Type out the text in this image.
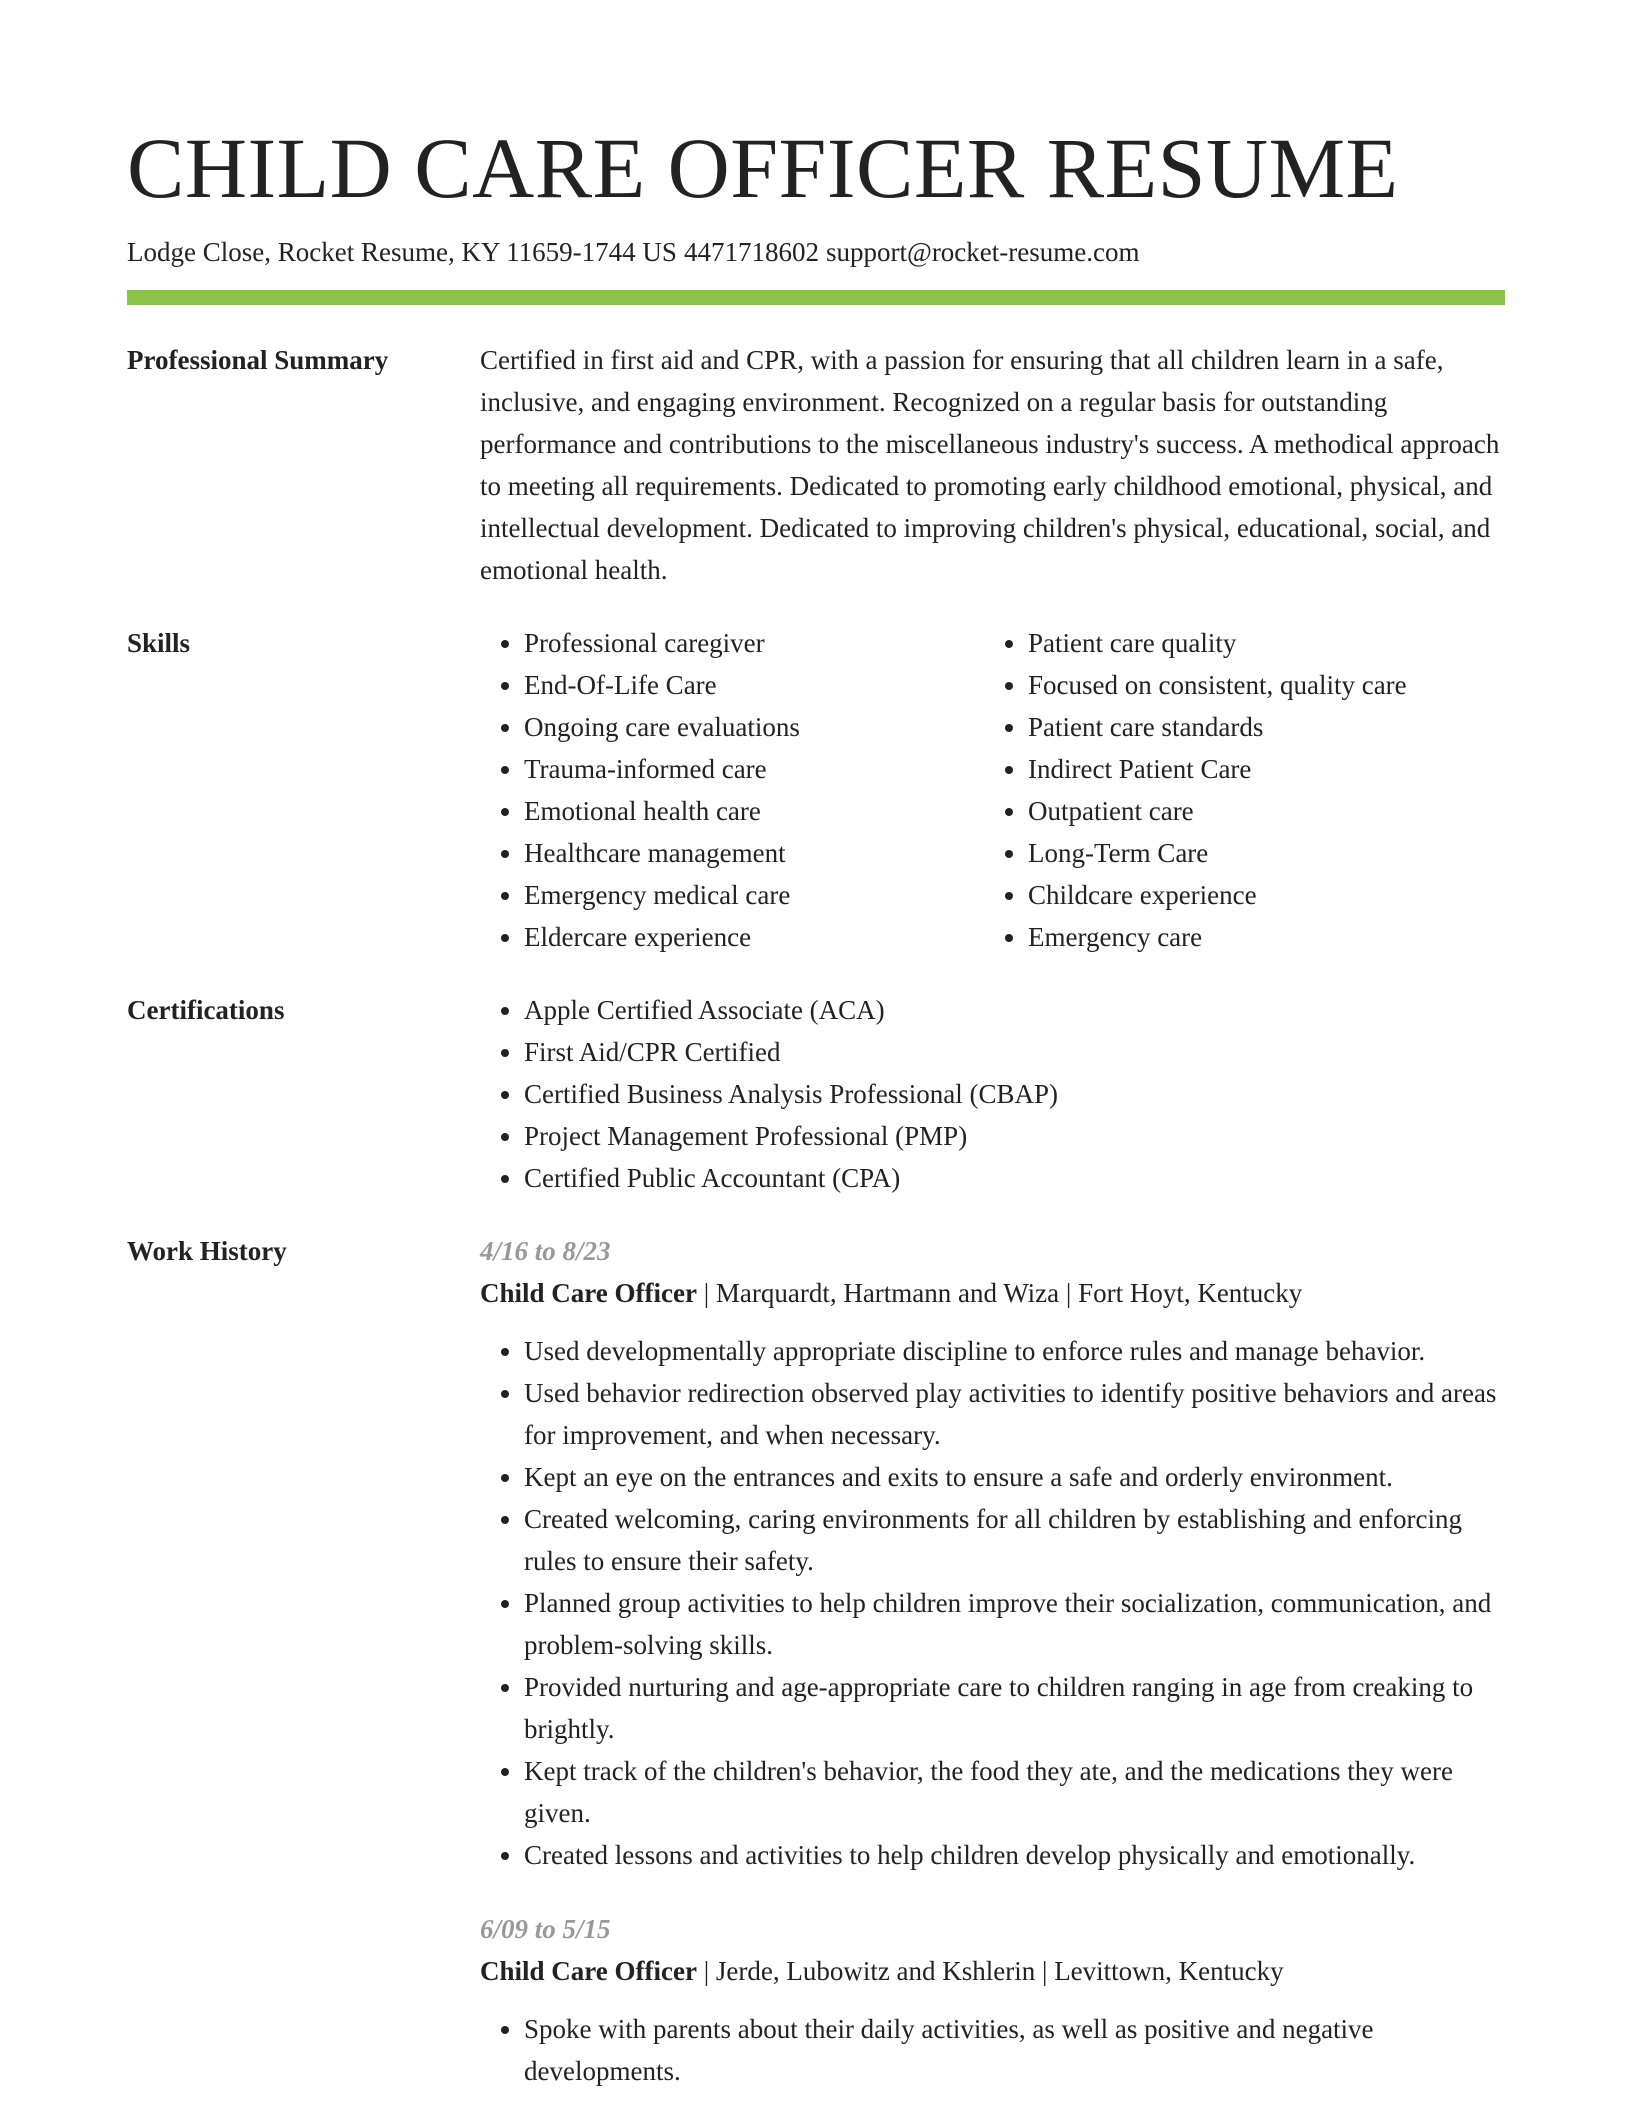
CHILD CARE OFFICER RESUME
Lodge Close, Rocket Resume, KY 11659-1744 US 4471718602 support@rocket-resume.com
Professional Summary	Certified in first aid and CPR, with a passion for ensuring that all children learn in a safe, inclusive, and engaging environment. Recognized on a regular basis for outstanding performance and contributions to the miscellaneous industry's success. A methodical approach to meeting all requirements. Dedicated to promoting early childhood emotional, physical, and intellectual development. Dedicated to improving children's physical, educational, social, and emotional health.

Skills	• Professional caregiver
• End-Of-Life Care
• Ongoing care evaluations
• Trauma-informed care
• Emotional health care
• Healthcare management
• Emergency medical care
• Eldercare experience
• Patient care quality
• Focused on consistent, quality care
• Patient care standards
• Indirect Patient Care
• Outpatient care
• Long-Term Care
• Childcare experience
• Emergency care
Certifications	• Apple Certified Associate (ACA)
• First Aid/CPR Certified
• Certified Business Analysis Professional (CBAP)
• Project Management Professional (PMP)
• Certified Public Accountant (CPA)
Work History	4/16 to 8/23
Child Care Officer | Marquardt, Hartmann and Wiza | Fort Hoyt, Kentucky
• Used developmentally appropriate discipline to enforce rules and manage behavior.
• Used behavior redirection observed play activities to identify positive behaviors and areas for improvement, and when necessary.
• Kept an eye on the entrances and exits to ensure a safe and orderly environment.
• Created welcoming, caring environments for all children by establishing and enforcing rules to ensure their safety.
• Planned group activities to help children improve their socialization, communication, and problem-solving skills.
• Provided nurturing and age-appropriate care to children ranging in age from creaking to brightly.
• Kept track of the children's behavior, the food they ate, and the medications they were given.
• Created lessons and activities to help children develop physically and emotionally.
6/09 to 5/15
Child Care Officer | Jerde, Lubowitz and Kshlerin | Levittown, Kentucky
• Spoke with parents about their daily activities, as well as positive and negative developments.
